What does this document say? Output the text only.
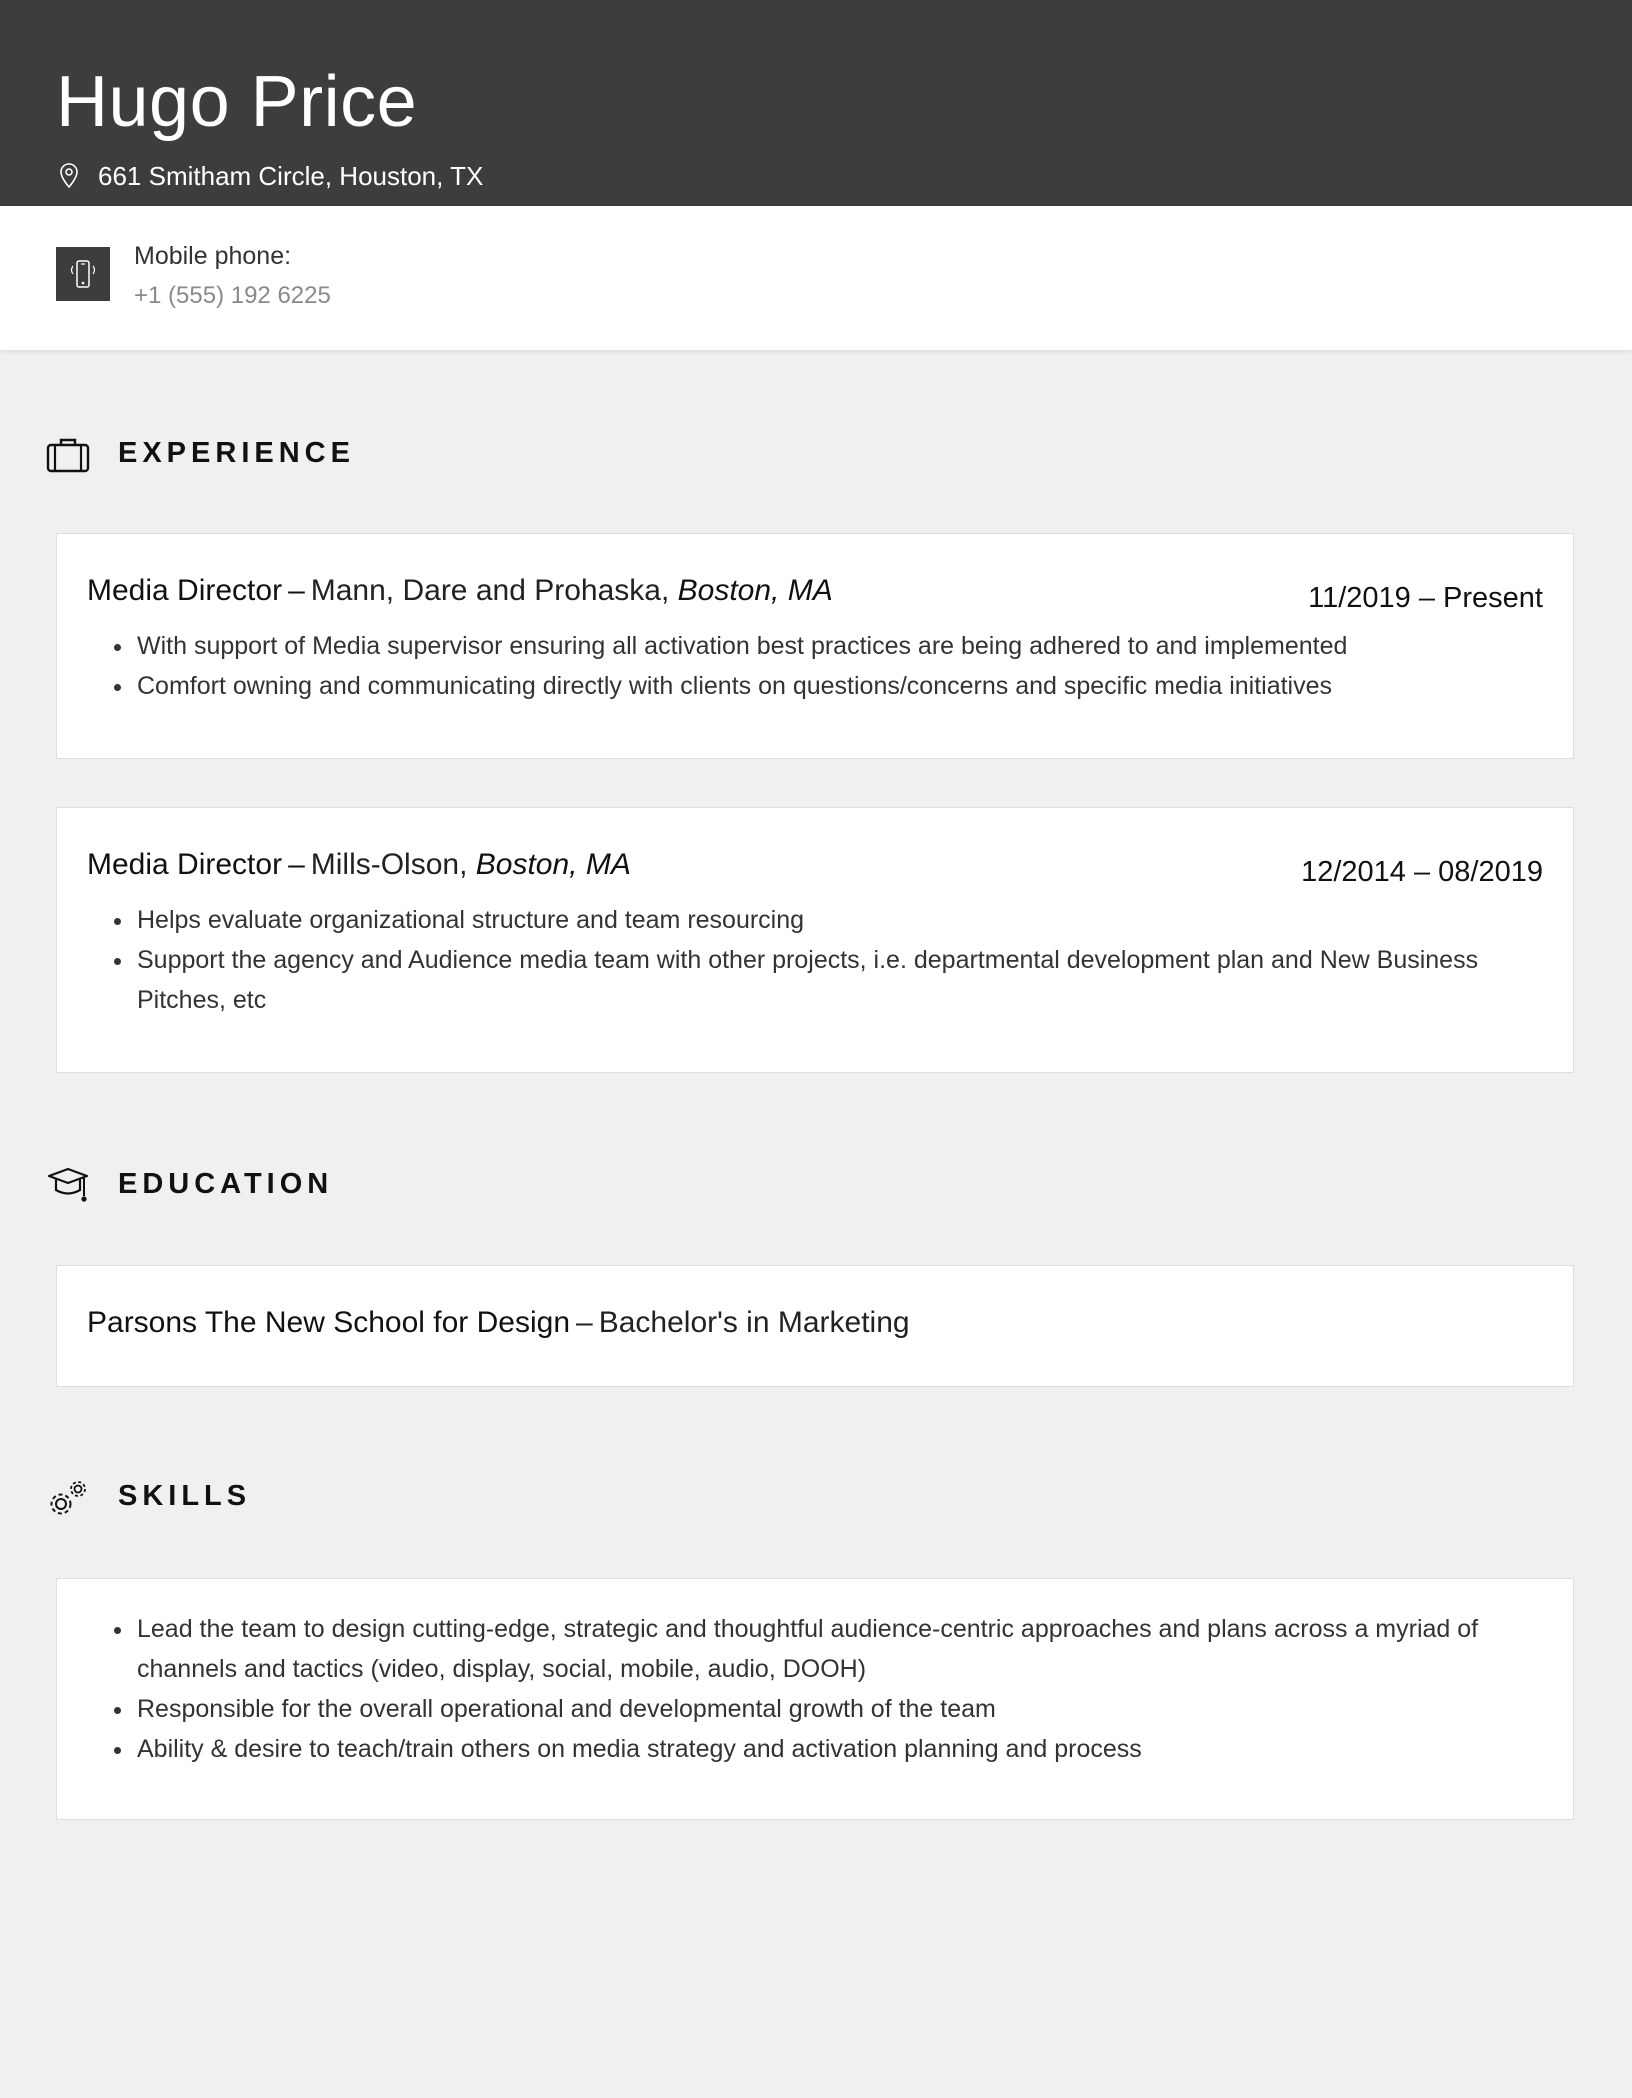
Hugo Price
661 Smitham Circle, Houston, TX
Mobile phone:
+1 (555) 192 6225
EXPERIENCE
Media Director – Mann, Dare and Prohaska, Boston, MA	11/2019 – Present
• With support of Media supervisor ensuring all activation best practices are being adhered to and implemented
• Comfort owning and communicating directly with clients on questions/concerns and specific media initiatives
Media Director – Mills-Olson, Boston, MA	12/2014 – 08/2019
• Helps evaluate organizational structure and team resourcing
• Support the agency and Audience media team with other projects, i.e. departmental development plan and New Business Pitches, etc
EDUCATION
Parsons The New School for Design – Bachelor's in Marketing
SKILLS
• Lead the team to design cutting-edge, strategic and thoughtful audience-centric approaches and plans across a myriad of channels and tactics (video, display, social, mobile, audio, DOOH)
• Responsible for the overall operational and developmental growth of the team
• Ability & desire to teach/train others on media strategy and activation planning and process
